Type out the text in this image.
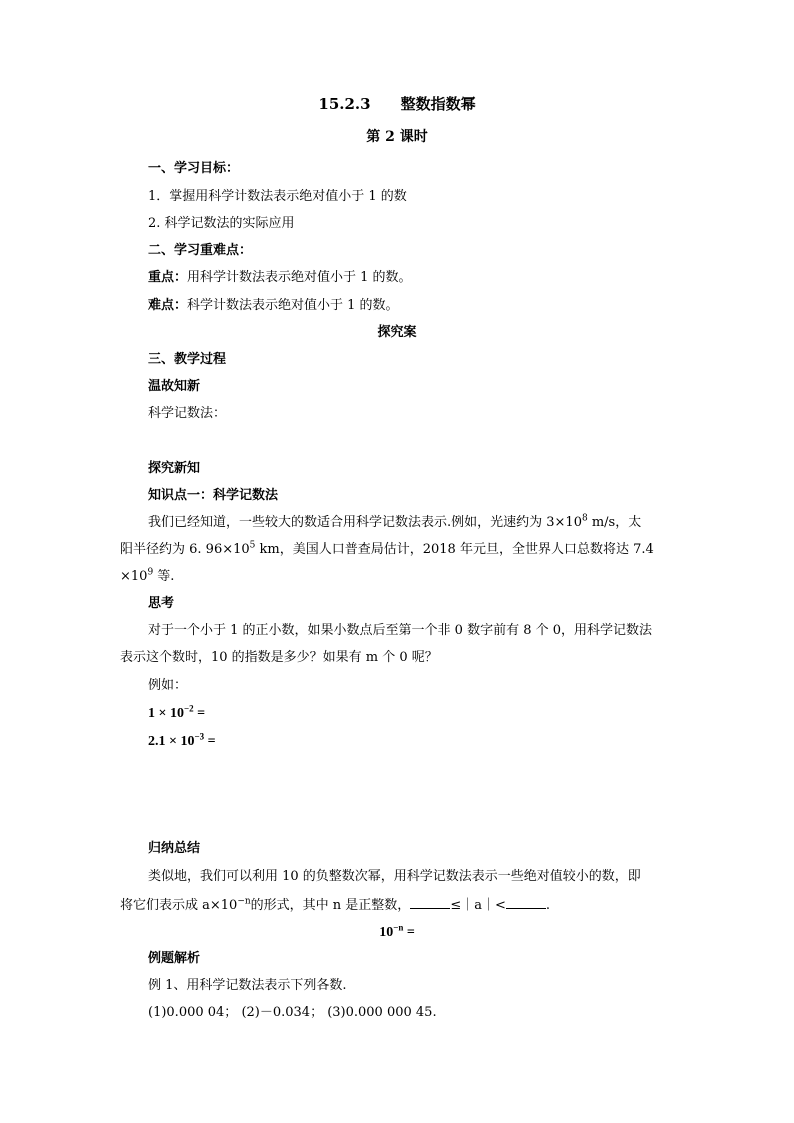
15.2.3　　整数指数幂
第 2 课时
一、学习目标：
1．掌握用科学计数法表示绝对值小于 1 的数
2. 科学记数法的实际应用
二、学习重难点：
重点：用科学计数法表示绝对值小于 1 的数。
难点：科学计数法表示绝对值小于 1 的数。
探究案
三、教学过程
温故知新
科学记数法：
探究新知
知识点一：科学记数法
我们已经知道，一些较大的数适合用科学记数法表示.例如，光速约为 $3\times 10^8$ m/s，太
阳半径约为 6. $96\times 10^5$ km，美国人口普查局估计，2018 年元旦，全世界人口总数将达 7.4
$\times 10^9$ 等.
思考
对于一个小于 1 的正小数，如果小数点后至第一个非 0 数字前有 8 个 0，用科学记数法
表示这个数时，10 的指数是多少？如果有 m 个 0 呢？
例如：
$1 \times 10^{-2}$ =
$2.1 \times 10^{-3}$ =
归纳总结
类似地，我们可以利用 10 的负整数次幂，用科学记数法表示一些绝对值较小的数，即
将它们表示成 $a\times 10^{-n}$的形式，其中 n 是正整数，	≤｜a｜<	.
$10^{-n}$ =
例题解析
例 1、用科学记数法表示下列各数.
(1)0.000 04； (2)－0.034； (3)0.000 000 45.
